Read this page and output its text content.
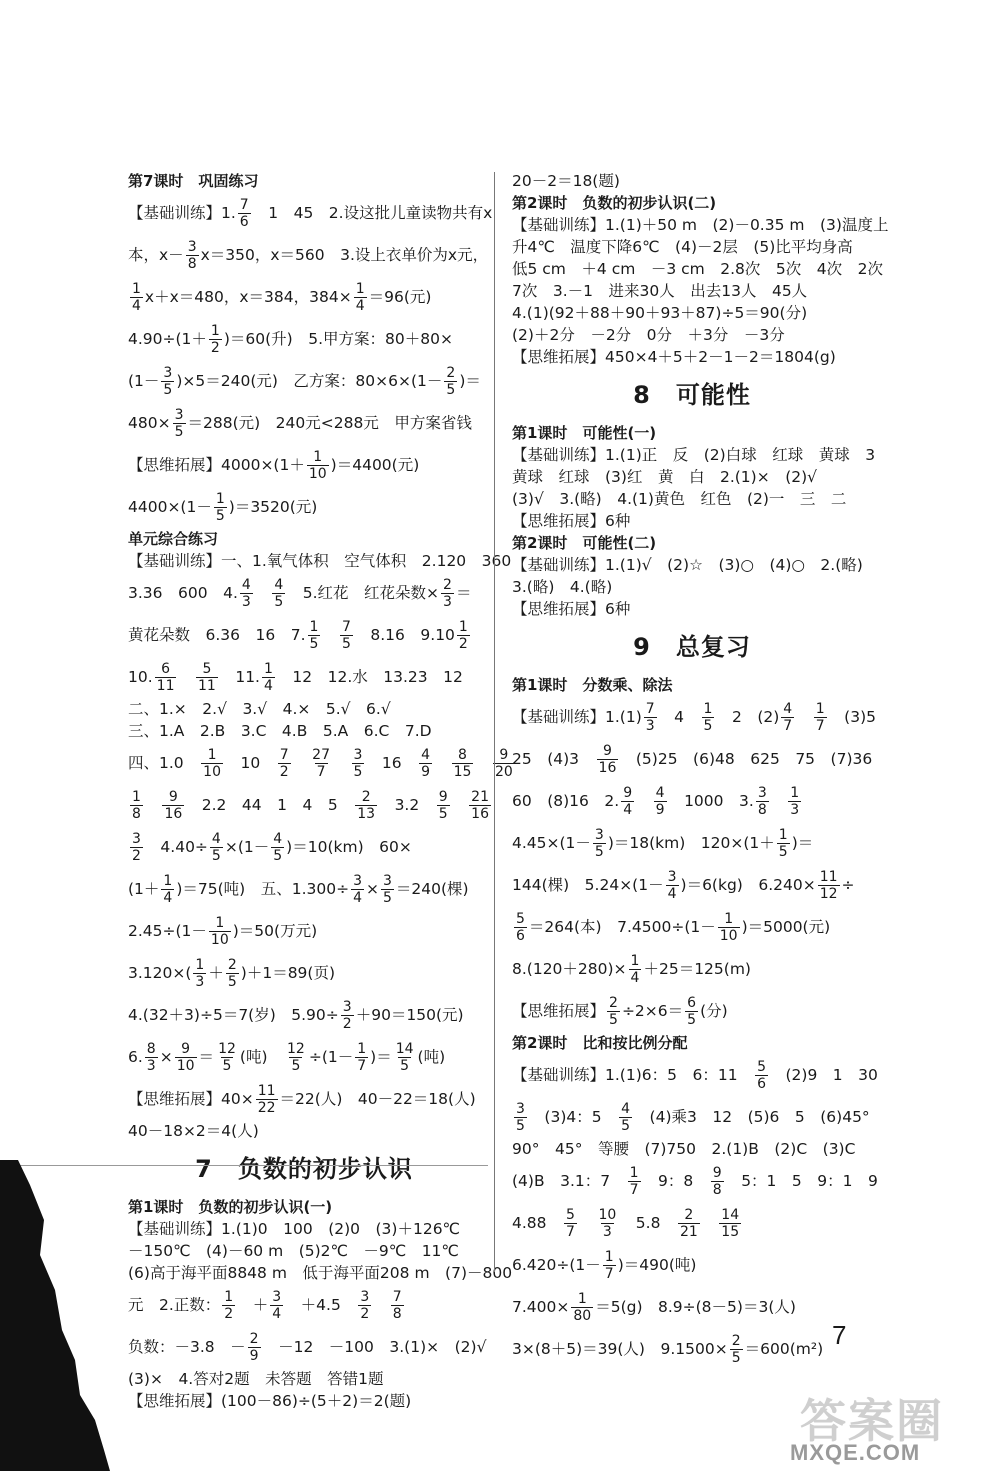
第7课时　巩固练习
【基础训练】1. $\frac{7}{6}$ 　1　45　2.设这批儿童读物共有x
本，$x- \frac{3}{8} x=350$，x＝560　3.设上衣单价为x元，
$\frac{1}{4} x+x=480$，x＝384，$384\times \frac{1}{4} =96$(元)
$4.90\div(1+ \frac{1}{2} )=60$(升)　5.甲方案：80＋80×
$(1- \frac{3}{5} )\times 5=240$(元)　乙方案：$80\times 6\times(1- \frac{2}{5}$ )＝
$480\times \frac{3}{5} =288$(元)　240元<288元　甲方案省钱
【思维拓展】$4000\times(1+ \frac{1}{10} )=4400$(元)
$4400\times(1- \frac{1}{5} )=3520$(元)
单元综合练习
【基础训练】一、1.氧气体积　空气体积　2.120　360
3.36　600　4. $\frac{4}{3}$
　 $\frac{4}{5}$ 　5.红花　红花朵数× $\frac{2}{3}$ ＝
黄花朵数　6.36　16　7. $\frac{1}{5}$
　 $\frac{7}{5}$ 　8.16　$9.10 \frac{1}{2}$
10. $\frac{6}{11}$
　 $\frac{5}{11}$ 　11. $\frac{1}{4}$ 　12　12.水　13.23　12
二、1.×　2.√　3.√　4.×　5.√　6.√
三、1.A　2.B　3.C　4.B　5.A　6.C　7.D
四、1.0　 $\frac{1}{10}$ 　10　 $\frac{7}{2}$
　 $\frac{27}{7}$
　 $\frac{3}{5}$ 　16　 $\frac{4}{9}$
　 $\frac{8}{15}$
　 $\frac{9}{20}$
$\frac{1}{8}$
　 $\frac{9}{16}$ 　2.2　44　1　4　5　 $\frac{2}{13}$ 　3.2　 $\frac{9}{5}$
　 $\frac{21}{16}$
$\frac{3}{2}$ 　$4.40\div \frac{4}{5} \times(1- \frac{4}{5} )=10(km)$　60×
$(1+ \frac{1}{4} )=75$(吨)　五、$1.300\div \frac{3}{4} \times \frac{3}{5} =240$(棵)
$2.45\div(1- \frac{1}{10} )=50$(万元)
$3.120\times( \frac{1}{3} + \frac{2}{5} )+1=89$(页)
4.(32＋3)÷5＝7(岁)　$5.90\div \frac{3}{2} +90=150$(元)
6. $\frac{8}{3} \times \frac{9}{10} = \frac{12}{5}$ (吨)　 $\frac{12}{5} \div(1- \frac{1}{7}$ )＝ $\frac{14}{5}$ (吨)
【思维拓展】$40\times \frac{11}{22} =22$(人)　40－22＝18(人)
40－18×2＝4(人)
7　负数的初步认识
第1课时　负数的初步认识(一)
【基础训练】1.(1)0　100　(2)0　(3)＋126℃
－150℃　(4)－60 m　(5)2℃　－9℃　11℃
(6)高于海平面8848 m　低于海平面208 m　(7)－800
元　2.正数： $\frac{1}{2}$ 　＋ $\frac{3}{4}$ 　＋4.5　 $\frac{3}{2}$
　 $\frac{7}{8}$
负数：－3.8　－ $\frac{2}{9}$ 　－12　－100　3.(1)×　(2)√
(3)×　4.答对2题　未答题　答错1题
【思维拓展】(100－86)÷(5＋2)＝2(题)
20－2＝18(题)
第2课时　负数的初步认识(二)
【基础训练】1.(1)＋50 m　(2)－0.35 m　(3)温度上
升4℃　温度下降6℃　(4)－2层　(5)比平均身高
低5 cm　＋4 cm　－3 cm　2.8次　5次　4次　2次
7次　3.－1　进来30人　出去13人　45人
4.(1)(92＋88＋90＋93＋87)÷5＝90(分)
(2)＋2分　－2分　0分　＋3分　－3分
【思维拓展】450×4＋5＋2－1－2＝1804(g)
8　可能性
第1课时　可能性(一)
【基础训练】1.(1)正　反　(2)白球　红球　黄球　3
黄球　红球　(3)红　黄　白　2.(1)×　(2)√
(3)√　3.(略)　4.(1)黄色　红色　(2)一　三　二
【思维拓展】6种
第2课时　可能性(二)
【基础训练】1.(1)√　(2)☆　(3)○　(4)○　2.(略)
3.(略)　4.(略)
【思维拓展】6种
9　总复习
第1课时　分数乘、除法
【基础训练】$1.(1) \frac{7}{3}$ 　4　 $\frac{1}{5}$ 　2　$(2) \frac{4}{7}$
　 $\frac{1}{7}$ 　(3)5
25　(4)3　 $\frac{9}{16}$ 　(5)25　(6)48　625　75　(7)36
60　(8)16　2. $\frac{9}{4}$
　 $\frac{4}{9}$ 　1000　3. $\frac{3}{8}$
　 $\frac{1}{3}$
$4.45\times(1- \frac{3}{5} )=18(km)$　$120\times(1+ \frac{1}{5}$ )＝
144(棵)　$5.24\times(1- \frac{3}{4} )=6(kg)$　$6.240\times \frac{11}{12}$ ÷
$\frac{5}{6} =264$(本)　$7.4500\div(1- \frac{1}{10} )=5000$(元)
$8.(120+280)\times \frac{1}{4} +25=125(m)$
【思维拓展】 $\frac{2}{5} \div 2\times 6= \frac{6}{5}$ (分)
第2课时　比和按比例分配
【基础训练】1.(1)6：5　6：11　 $\frac{5}{6}$ 　(2)9　1　30
$\frac{3}{5}$ 　(3)4：5　 $\frac{4}{5}$ 　(4)乘3　12　(5)6　5　(6)45°
90°　45°　等腰　(7)750　2.(1)B　(2)C　(3)C
(4)B　3.1：7　 $\frac{1}{7}$ 　9：8　 $\frac{9}{8}$ 　5：1　5　9：1　9
4.88　 $\frac{5}{7}$
　 $\frac{10}{3}$ 　5.8　 $\frac{2}{21}$
　 $\frac{14}{15}$
$6.420\div(1- \frac{1}{7} )=490$(吨)
$7.400\times \frac{1}{80} =5(g)$　8.9÷(8－5)＝3(人)
3×(8＋5)＝39(人)　$9.1500\times \frac{2}{5} =600(m^2)$ 7
答案圈
MXQE.COM
